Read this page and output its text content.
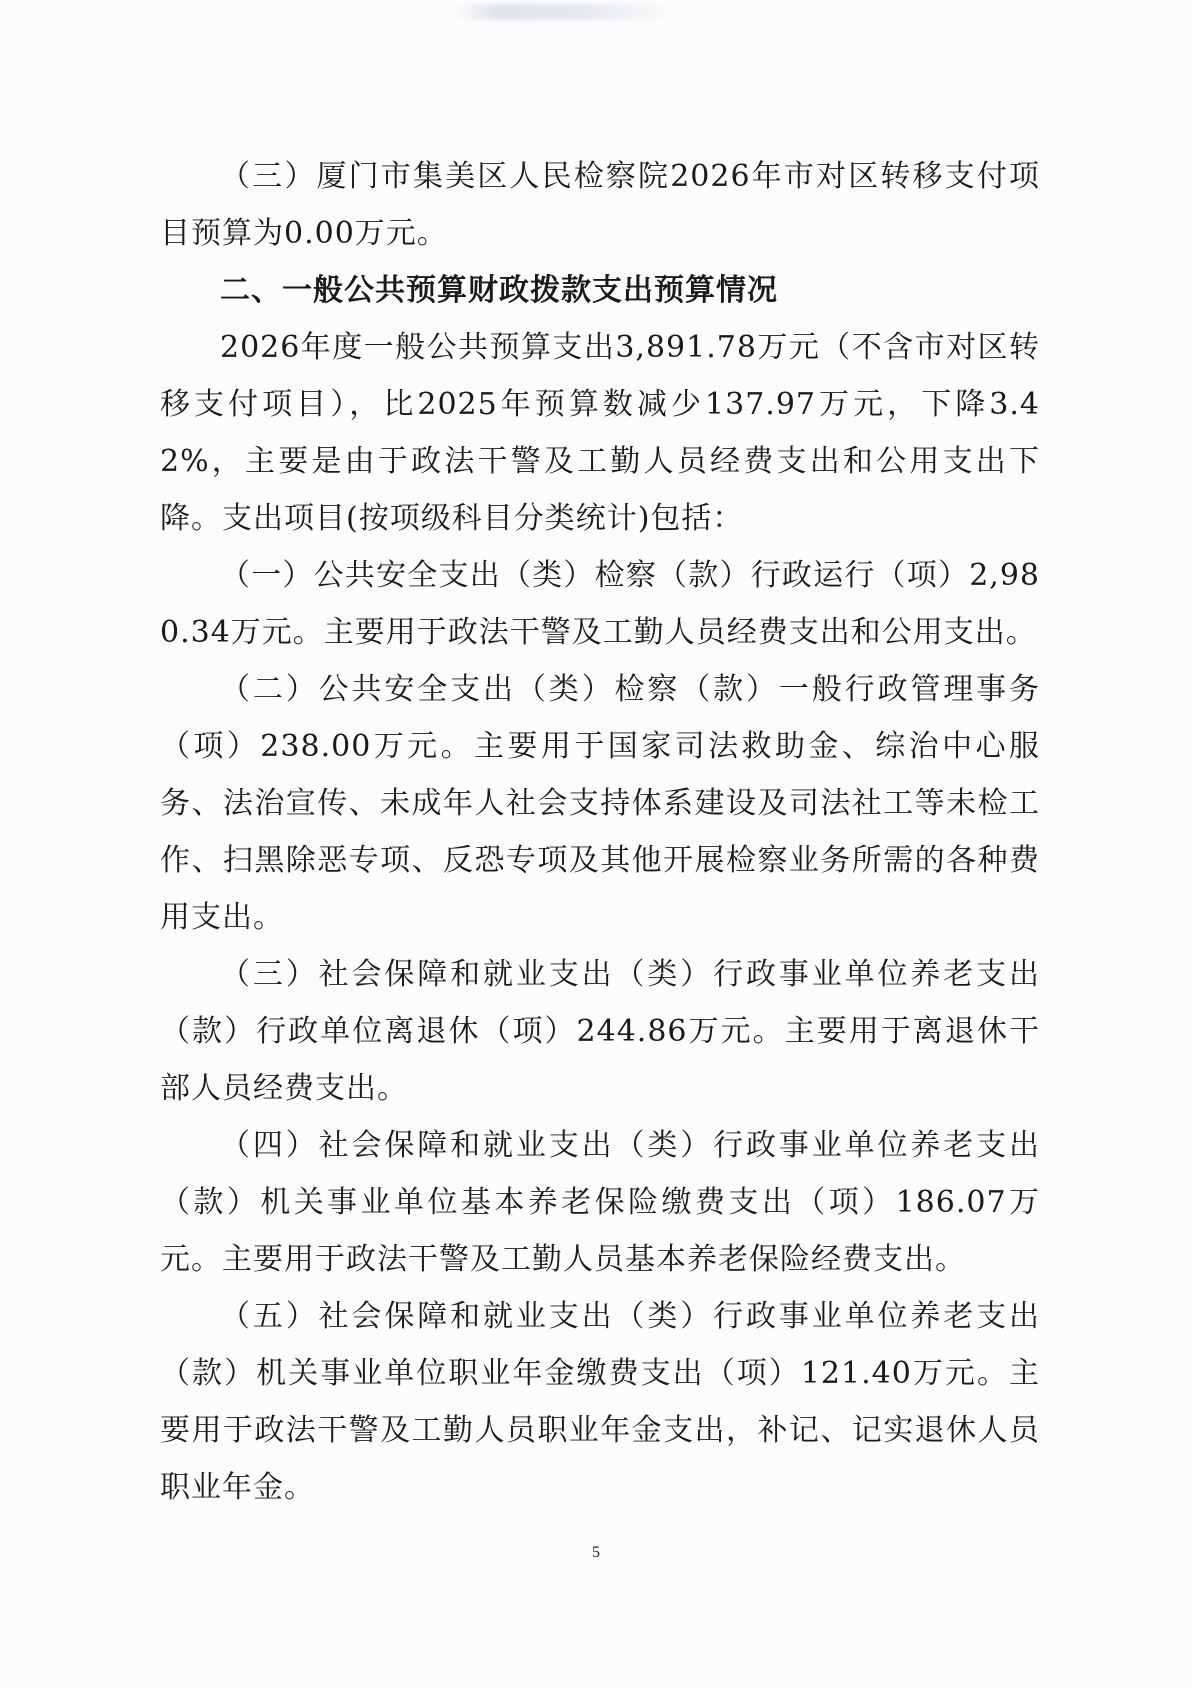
（三）厦门市集美区人民检察院2026年市对区转移支付项目预算为0.00万元。

二、一般公共预算财政拨款支出预算情况

2026年度一般公共预算支出3,891.78万元（不含市对区转移支付项目），比2025年预算数减少137.97万元，下降3.42%，主要是由于政法干警及工勤人员经费支出和公用支出下降。支出项目(按项级科目分类统计)包括：

（一）公共安全支出（类）检察（款）行政运行（项）2,980.34万元。主要用于政法干警及工勤人员经费支出和公用支出。

（二）公共安全支出（类）检察（款）一般行政管理事务（项）238.00万元。主要用于国家司法救助金、综治中心服务、法治宣传、未成年人社会支持体系建设及司法社工等未检工作、扫黑除恶专项、反恐专项及其他开展检察业务所需的各种费用支出。

（三）社会保障和就业支出（类）行政事业单位养老支出（款）行政单位离退休（项）244.86万元。主要用于离退休干部人员经费支出。

（四）社会保障和就业支出（类）行政事业单位养老支出（款）机关事业单位基本养老保险缴费支出（项）186.07万元。主要用于政法干警及工勤人员基本养老保险经费支出。

（五）社会保障和就业支出（类）行政事业单位养老支出（款）机关事业单位职业年金缴费支出（项）121.40万元。主要用于政法干警及工勤人员职业年金支出，补记、记实退休人员职业年金。

5
